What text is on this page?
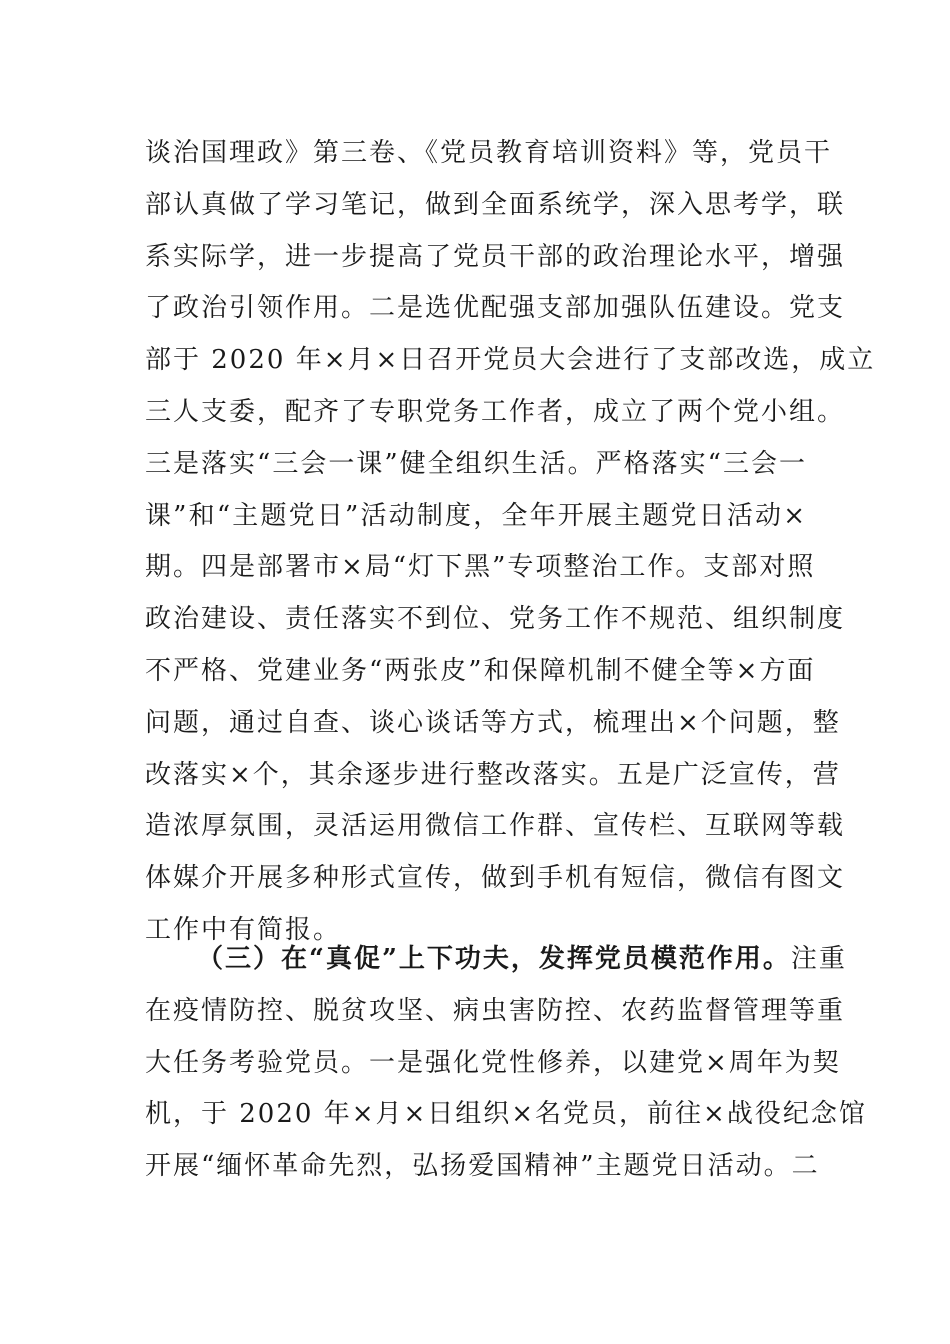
谈治国理政》第三卷、《党员教育培训资料》等，党员干
部认真做了学习笔记，做到全面系统学，深入思考学，联
系实际学，进一步提高了党员干部的政治理论水平，增强
了政治引领作用。二是选优配强支部加强队伍建设。党支
部于 2020 年×月×日召开党员大会进行了支部改选，成立
三人支委，配齐了专职党务工作者，成立了两个党小组。
三是落实“三会一课”健全组织生活。严格落实“三会一
课”和“主题党日”活动制度，全年开展主题党日活动×
期。四是部署市×局“灯下黑”专项整治工作。支部对照
政治建设、责任落实不到位、党务工作不规范、组织制度
不严格、党建业务“两张皮”和保障机制不健全等×方面
问题，通过自查、谈心谈话等方式，梳理出×个问题，整
改落实×个，其余逐步进行整改落实。五是广泛宣传，营
造浓厚氛围，灵活运用微信工作群、宣传栏、互联网等载
体媒介开展多种形式宣传，做到手机有短信，微信有图文
工作中有简报。
（三）在“真促”上下功夫，发挥党员模范作用。注重
在疫情防控、脱贫攻坚、病虫害防控、农药监督管理等重
大任务考验党员。一是强化党性修养，以建党×周年为契
机，于 2020 年×月×日组织×名党员，前往×战役纪念馆
开展“缅怀革命先烈，弘扬爱国精神”主题党日活动。二
